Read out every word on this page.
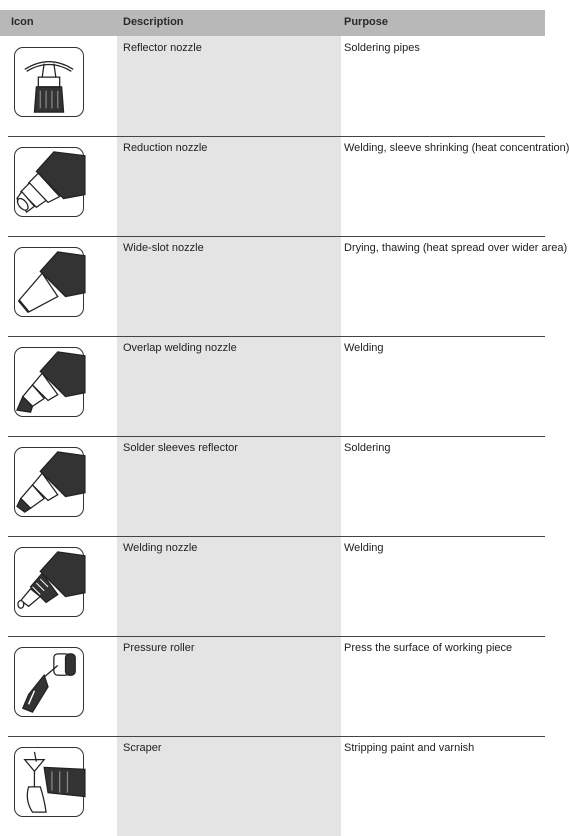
Icon	Description	Purpose
Reflector nozzle	Soldering pipes
Reduction nozzle	Welding, sleeve shrinking (heat concentration)
Wide-slot nozzle	Drying, thawing (heat spread over wider area)
Overlap welding nozzle	Welding
Solder sleeves reflector	Soldering
Welding nozzle	Welding
Pressure roller	Press the surface of working piece
Scraper	Stripping paint and varnish
